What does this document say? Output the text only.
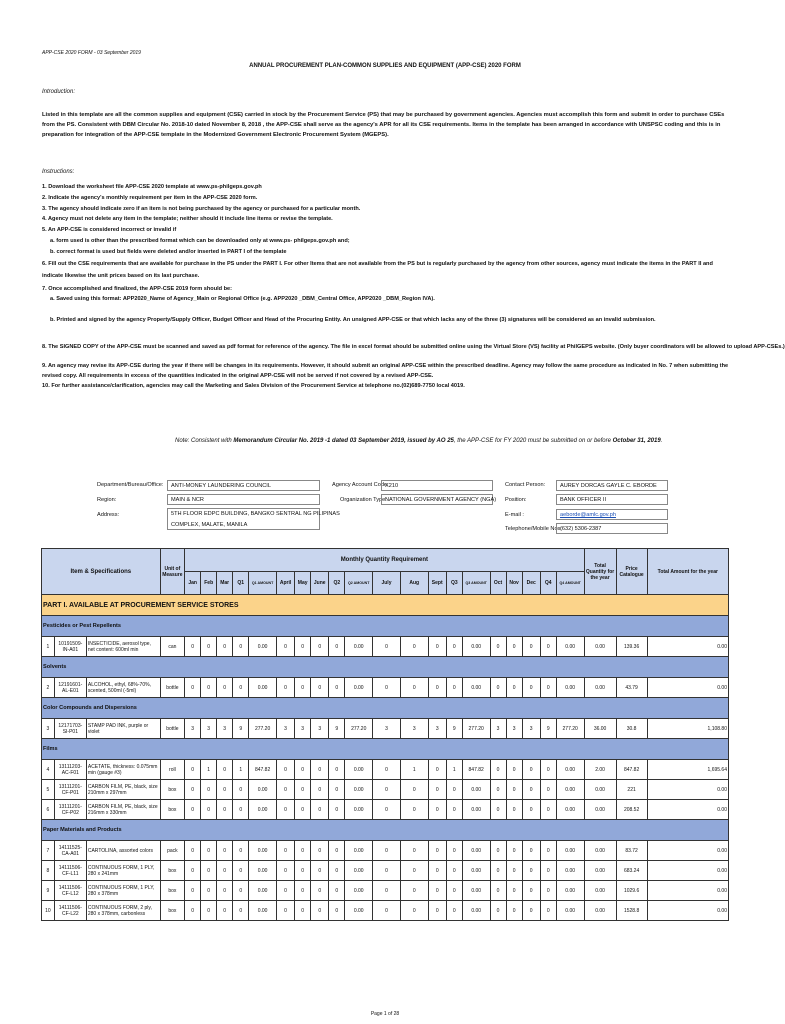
APP-CSE 2020 FORM - 03 September 2019
ANNUAL PROCUREMENT PLAN-COMMON SUPPLIES AND EQUIPMENT (APP-CSE) 2020 FORM
Introduction:
Listed in this template are all the common supplies and equipment (CSE) carried in stock by the Procurement Service (PS) that may be purchased by government agencies. Agencies must accomplish this form and submit in order to purchase CSEs from the PS. Consistent with DBM Circular No. 2018-10 dated November 8, 2018 , the APP-CSE shall serve as the agency's APR for all its CSE requirements. Items in the template has been arranged in accordance with UNSPSC coding and this is in preparation for integration of the APP-CSE template in the Modernized Government Electronic Procurement System (MGEPS).
Instructions:
1. Download the worksheet file APP-CSE 2020 template at www.ps-philgeps.gov.ph
2. Indicate the agency's monthly requirement per item in the APP-CSE 2020 form.
3. The agency should indicate zero if an item is not being purchased by the agency or purchased for a particular month.
4. Agency must not delete any item in the template; neither should it include line items or revise the template.
5. An APP-CSE is considered incorrect or invalid if
a. form used is other than the prescribed format which can be downloaded only at www.ps- philgeps.gov.ph and;
b. correct format is used but fields were deleted and/or inserted in PART I of the template
6. Fill out the CSE requirements that are available for purchase in the PS under the PART I. For other Items that are not available from the PS but is regularly purchased by the agency from other sources, agency must indicate the items in the PART II and indicate likewise the unit prices based on its last purchase.
7. Once accomplished and finalized, the APP-CSE 2019 form should be:
a. Saved using this format: APP2020_Name of Agency_Main or Regional Office (e.g. APP2020 _DBM_Central Office, APP2020 _DBM_Region IVA).
b. Printed and signed by the agency Property/Supply Officer, Budget Officer and Head of the Procuring Entity. An unsigned APP-CSE or that which lacks any of the three (3) signatures will be considered as an invalid submission.
8. The SIGNED COPY of the APP-CSE must be scanned and saved as pdf format for reference of the agency. The file in excel format should be submitted online using the Virtual Store (VS) facility at PhilGEPS website. (Only buyer coordinators will be allowed to upload APP-CSEs.)
9. An agency may revise its APP-CSE during the year if there will be changes in its requirements. However, it should submit an original APP-CSE within the prescribed deadline. Agency may follow the same procedure as indicated in No. 7 when submitting the revised copy. All requirements in excess of the quantities indicated in the original APP-CSE will not be served if not covered by a revised APP-CSE.
10. For further assistance/clarification, agencies may call the Marketing and Sales Division of the Procurement Service at telephone no.(02)689-7750 local 4019.
Note: Consistent with Memorandum Circular No. 2019 -1 dated 03 September 2019, issued by AO 25, the APP-CSE for FY 2020 must be submitted on or before October 31, 2019.
Department/Bureau/Office:	ANTI-MONEY LAUNDERING COUNCIL
Region:	MAIN & NCR
Address:	5TH FLOOR EDPC BUILDING, BANGKO SENTRAL NG PILIPINAS
COMPLEX, MALATE, MANILA
Agency Account Code:
X210
Organization Type:
NATIONAL GOVERNMENT AGENCY (NGA)
Contact Person:	AUREY DORCAS GAYLE C. EBORDE
Position:	BANK OFFICER II
E-mail :	aeborde@amlc.gov.ph
Telephone/Mobile Nos:
(632) 5306-2387
Item & Specifications			Unit of Measure	Monthly Quantity Requirement																				Total Quantity for the year	Price Catalogue	Total Amount for the year
				Jan	Feb	Mar	Q1	Q1 AMOUNT	April	May	June	Q2	Q2 AMOUNT	July	Aug	Sept	Q3	Q3 AMOUNT	Oct	Nov	Dec	Q4	Q4 AMOUNT			
PART I. AVAILABLE AT PROCUREMENT SERVICE STORES																										
Pesticides or Pest Repellents																										
1	10191509-IN-A01	INSECTICIDE, aerosol type, net content: 600ml min	can	0	0	0	0	0.00	0	0	0	0	0.00	0	0	0	0	0.00	0	0	0	0	0.00	0.00	139.36	0.00
Solvents																										
2	12191601-AL-E01	ALCOHOL, ethyl, 68%-70%, scented, 500ml (-5ml)	bottle	0	0	0	0	0.00	0	0	0	0	0.00	0	0	0	0	0.00	0	0	0	0	0.00	0.00	43.79	0.00
Color Compounds and Dispersions																										
3	12171703-SI-P01	STAMP PAD INK, purple or violet	bottle	3	3	3	9	277.20	3	3	3	9	277.20	3	3	3	9	277.20	3	3	3	9	277.20	36.00	30.8	1,108.80
Films																										
4	13111203-AC-F01	ACETATE, thickness: 0.075mm min (gauge #3)	roll	0	1	0	1	847.82	0	0	0	0	0.00	0	1	0	1	847.82	0	0	0	0	0.00	2.00	847.82	1,695.64
5	13111201-CF-P01	CARBON FILM, PE, black, size 210mm x 297mm	box	0	0	0	0	0.00	0	0	0	0	0.00	0	0	0	0	0.00	0	0	0	0	0.00	0.00	221	0.00
6	13111201-CF-P02	CARBON FILM, PE, black, size 216mm x 330mm	box	0	0	0	0	0.00	0	0	0	0	0.00	0	0	0	0	0.00	0	0	0	0	0.00	0.00	208.52	0.00
Paper Materials and Products																										
7	14111525-CA-A01	CARTOLINA, assorted colors	pack	0	0	0	0	0.00	0	0	0	0	0.00	0	0	0	0	0.00	0	0	0	0	0.00	0.00	83.72	0.00
8	14111506-CF-L11	CONTINUOUS FORM, 1 PLY, 280 x 241mm	box	0	0	0	0	0.00	0	0	0	0	0.00	0	0	0	0	0.00	0	0	0	0	0.00	0.00	683.24	0.00
9	14111506-CF-L12	CONTINUOUS FORM, 1 PLY, 280 x 378mm	box	0	0	0	0	0.00	0	0	0	0	0.00	0	0	0	0	0.00	0	0	0	0	0.00	0.00	1029.6	0.00
10	14111506-CF-L22	CONTINUOUS FORM, 2 ply, 280 x 378mm, carbonless	box	0	0	0	0	0.00	0	0	0	0	0.00	0	0	0	0	0.00	0	0	0	0	0.00	0.00	1528.8	0.00
Page 1 of 28
